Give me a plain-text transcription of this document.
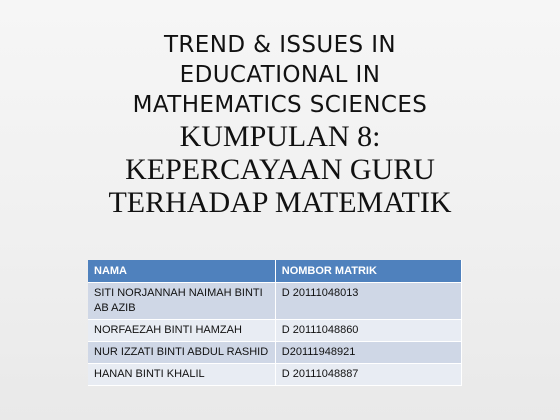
TREND & ISSUES IN
EDUCATIONAL IN
MATHEMATICS SCIENCES
KUMPULAN 8:
KEPERCAYAAN GURU
TERHADAP MATEMATIK
NAMA	NOMBOR MATRIK
SITI NORJANNAH NAIMAH BINTI AB AZIB	D 20111048013
NORFAEZAH BINTI HAMZAH	D 20111048860
NUR IZZATI BINTI ABDUL RASHID	D20111948921
HANAN BINTI KHALIL	D 20111048887
